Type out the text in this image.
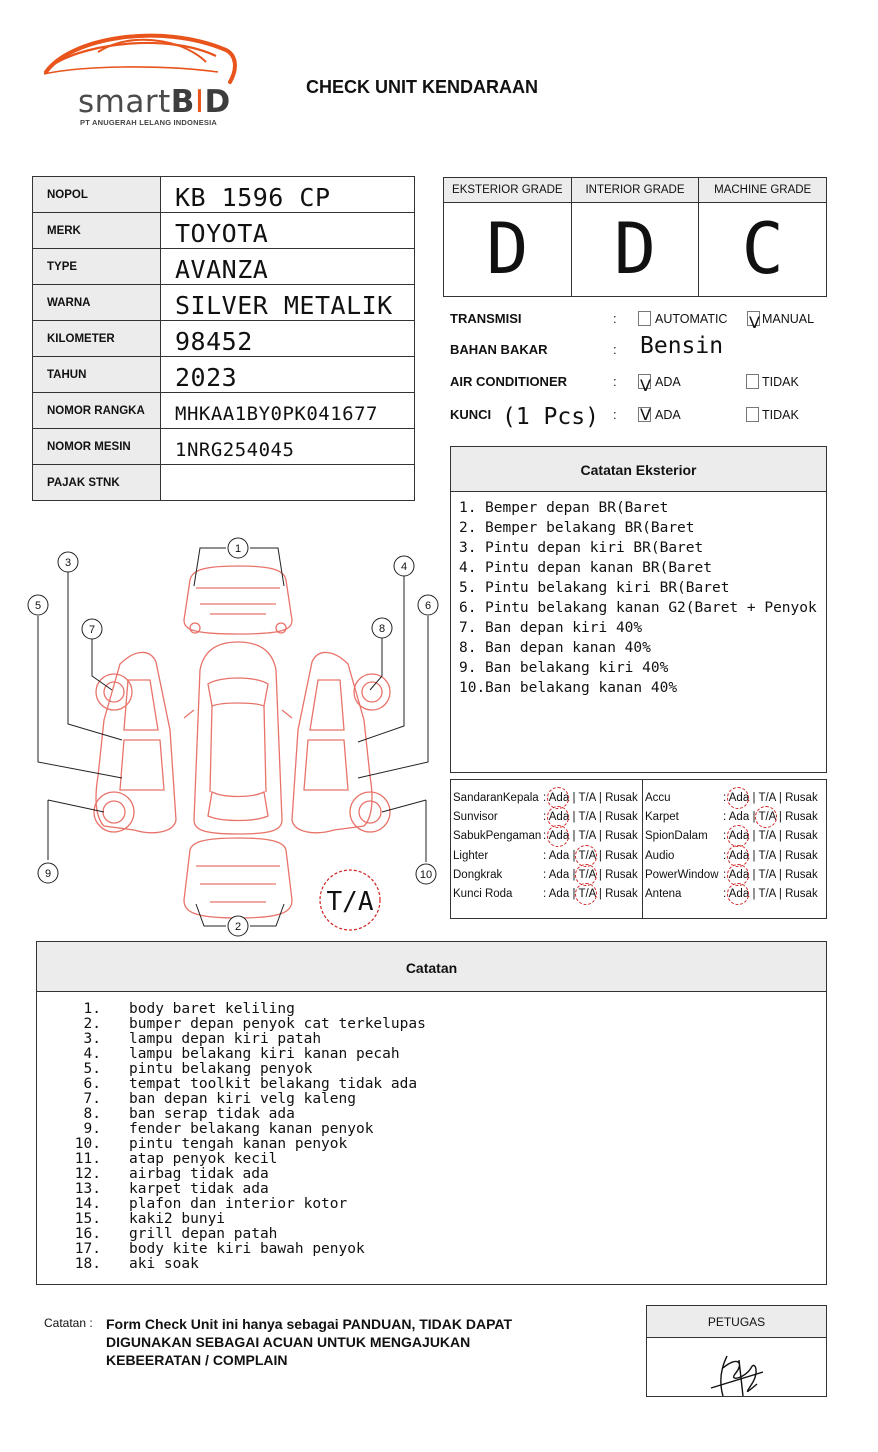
smartBID
PT ANUGERAH LELANG INDONESIA
CHECK UNIT KENDARAAN
NOPOL	KB 1596 CP
MERK	TOYOTA
TYPE	AVANZA
WARNA	SILVER METALIK
KILOMETER	98452
TAHUN	2023
NOMOR RANGKA	MHKAA1BY0PK041677
NOMOR MESIN	1NRG254045
PAJAK STNK	
EKSTERIOR GRADE
D
INTERIOR GRADE
D
MACHINE GRADE
C
TRANSMISI	:	AUTOMATIC V MANUAL
BAHAN BAKAR	: Bensin
AIR CONDITIONER	: V ADA	TIDAK
KUNCI (1 Pcs) : V ADA	TIDAK
Catatan Eksterior
1. Bemper depan BR(Baret
2. Bemper belakang BR(Baret
3. Pintu depan kiri BR(Baret
4. Pintu depan kanan BR(Baret
5. Pintu belakang kiri BR(Baret
6. Pintu belakang kanan G2(Baret + Penyok
7. Ban depan kiri 40%
8. Ban depan kanan 40%
9. Ban belakang kiri 40%
10. Ban belakang kanan 40%
SandaranKepala : Ada | T/A | Rusak
Sunvisor	: Ada | T/A | Rusak
SabukPengaman : Ada | T/A | Rusak
Lighter	: Ada | T/A | Rusak
Dongkrak	: Ada | T/A | Rusak
Kunci Roda	: Ada | T/A | Rusak
Accu	: Ada | T/A | Rusak
Karpet	: Ada | T/A | Rusak
SpionDalam : Ada | T/A | Rusak
Audio	: Ada | T/A | Rusak
PowerWindow : Ada | T/A | Rusak
Antena	: Ada | T/A | Rusak
1
2
3	4
5	6
7	8
9	10
T/A
Catatan
1.	body baret keliling
2.	bumper depan penyok cat terkelupas
3.	lampu depan kiri patah
4.	lampu belakang kiri kanan pecah
5.	pintu belakang penyok
6.	tempat toolkit belakang tidak ada
7.	ban depan kiri velg kaleng
8.	ban serap tidak ada
9.	fender belakang kanan penyok
10.	pintu tengah kanan penyok
11.	atap penyok kecil
12.	airbag tidak ada
13.	karpet tidak ada
14.	plafon dan interior kotor
15.	kaki2 bunyi
16.	grill depan patah
17.	body kite kiri bawah penyok
18.	aki soak
Catatan : Form Check Unit ini hanya sebagai PANDUAN, TIDAK DAPAT DIGUNAKAN SEBAGAI ACUAN UNTUK MENGAJUKAN KEBEERATAN / COMPLAIN
PETUGAS
